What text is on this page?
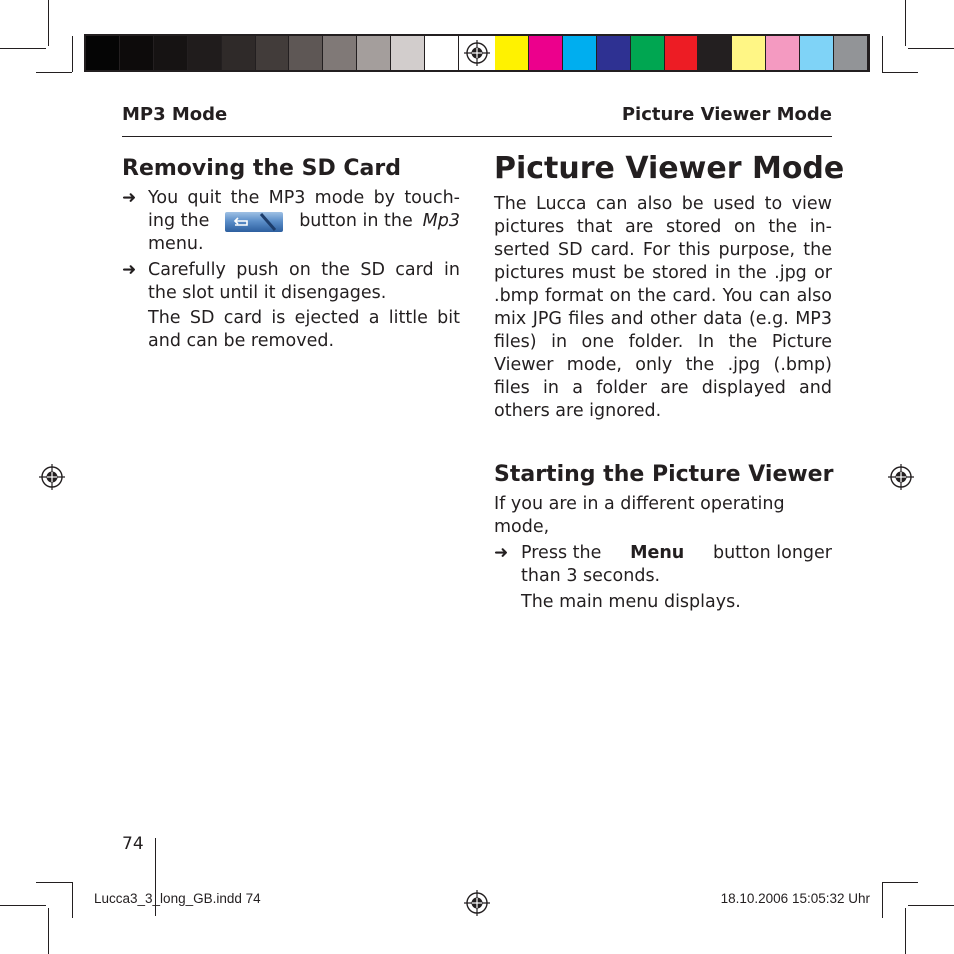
MP3 Mode	Picture Viewer Mode
Removing the SD Card
➜ You quit the MP3 mode by touch-
ing the	button in the Mp3
menu.
➜ Carefully push on the SD card in the slot until it disengages.
The SD card is ejected a little bit and can be removed.
Picture Viewer Mode
The Lucca can also be used to view pictures that are stored on the in-serted SD card. For this purpose, the pictures must be stored in the .jpg or .bmp format on the card. You can also mix JPG files and other data (e.g. MP3 files) in one folder. In the Picture Viewer mode, only the .jpg (.bmp) files in a folder are displayed and others are ignored.
Starting the Picture Viewer
If you are in a different operating mode,
➜ Press the Menu button longer
than 3 seconds.
The main menu displays.
74
Lucca3_3_long_GB.indd 74	18.10.2006 15:05:32 Uhr
